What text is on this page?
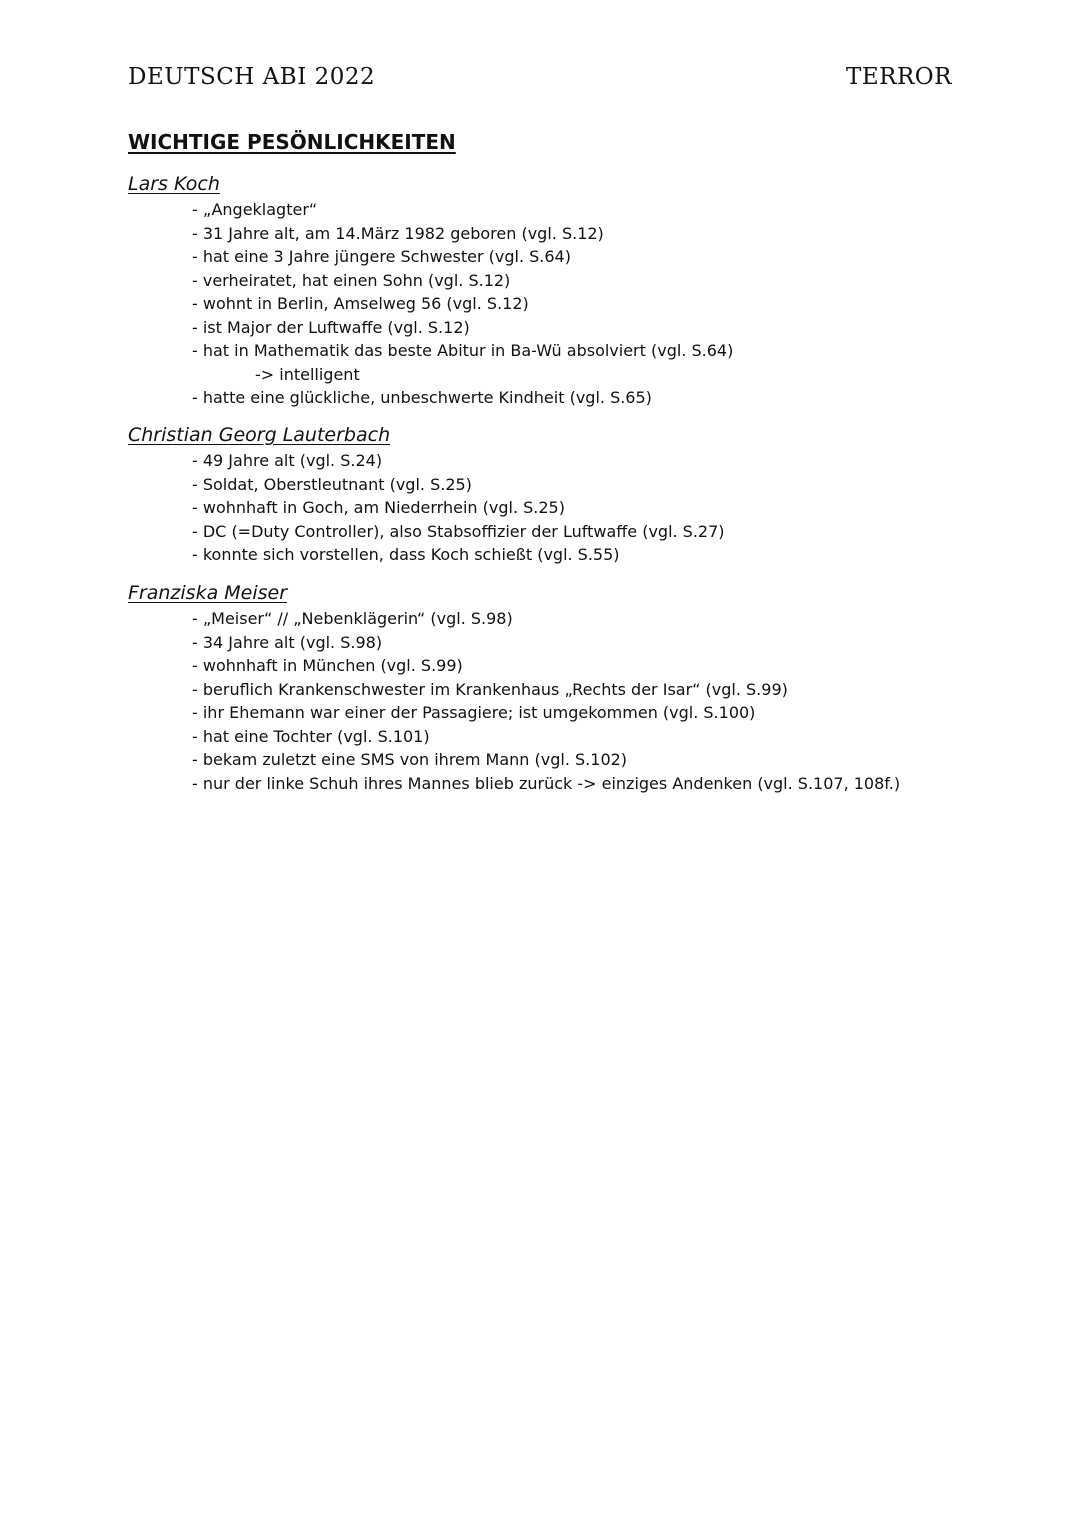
DEUTSCH ABI 2022	TERROR
WICHTIGE PESÖNLICHKEITEN
Lars Koch
- „Angeklagter“
- 31 Jahre alt, am 14.März 1982 geboren (vgl. S.12)
- hat eine 3 Jahre jüngere Schwester (vgl. S.64)
- verheiratet, hat einen Sohn (vgl. S.12)
- wohnt in Berlin, Amselweg 56 (vgl. S.12)
- ist Major der Luftwaffe (vgl. S.12)
- hat in Mathematik das beste Abitur in Ba-Wü absolviert (vgl. S.64)
-> intelligent
- hatte eine glückliche, unbeschwerte Kindheit (vgl. S.65)
Christian Georg Lauterbach
- 49 Jahre alt (vgl. S.24)
- Soldat, Oberstleutnant (vgl. S.25)
- wohnhaft in Goch, am Niederrhein (vgl. S.25)
- DC (=Duty Controller), also Stabsoffizier der Luftwaffe (vgl. S.27)
- konnte sich vorstellen, dass Koch schießt (vgl. S.55)
Franziska Meiser
- „Meiser“ // „Nebenklägerin“ (vgl. S.98)
- 34 Jahre alt (vgl. S.98)
- wohnhaft in München (vgl. S.99)
- beruflich Krankenschwester im Krankenhaus „Rechts der Isar“ (vgl. S.99)
- ihr Ehemann war einer der Passagiere; ist umgekommen (vgl. S.100)
- hat eine Tochter (vgl. S.101)
- bekam zuletzt eine SMS von ihrem Mann (vgl. S.102)
- nur der linke Schuh ihres Mannes blieb zurück -> einziges Andenken (vgl. S.107, 108f.)
